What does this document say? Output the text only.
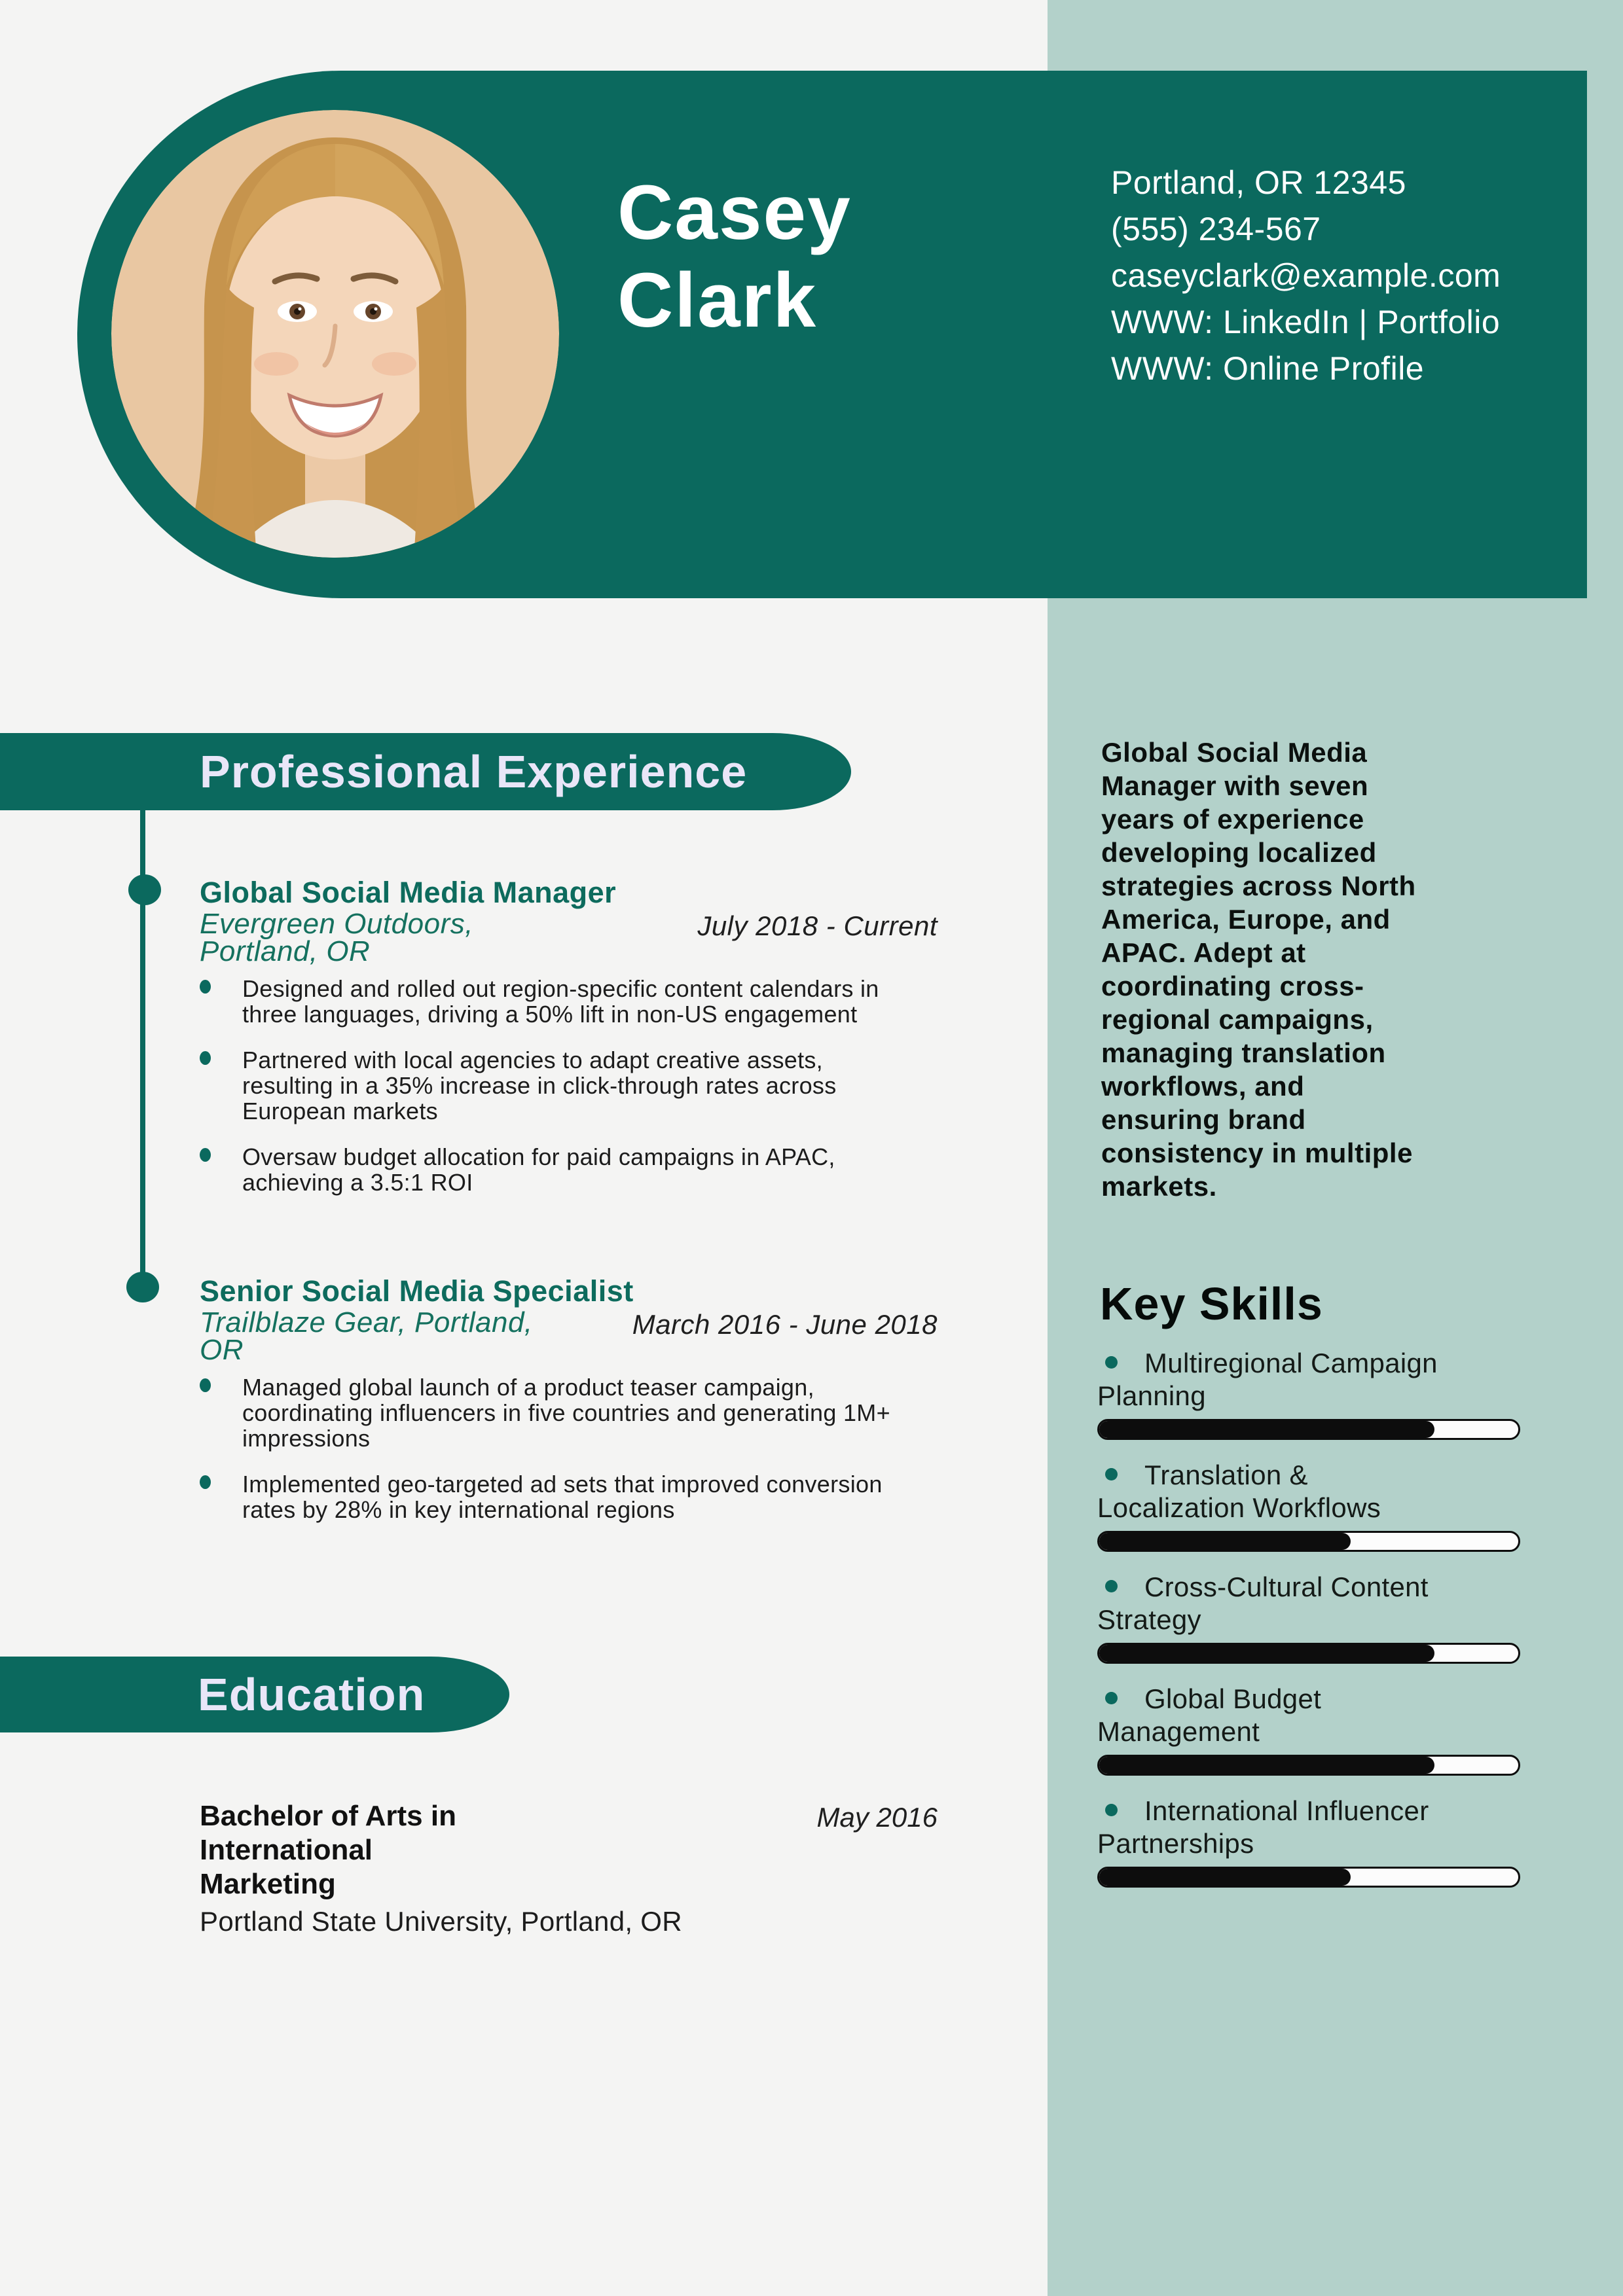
Casey
Clark
Portland, OR 12345
(555) 234-567
caseyclark@example.com
WWW: LinkedIn | Portfolio
WWW: Online Profile
Professional Experience
Global Social Media Manager
Evergreen Outdoors,
Portland, OR
July 2018 - Current
Designed and rolled out region-specific content calendars in
three languages, driving a 50% lift in non-US engagement
Partnered with local agencies to adapt creative assets,
resulting in a 35% increase in click-through rates across
European markets
Oversaw budget allocation for paid campaigns in APAC,
achieving a 3.5:1 ROI
Senior Social Media Specialist
Trailblaze Gear, Portland,
OR
March 2016 - June 2018
Managed global launch of a product teaser campaign,
coordinating influencers in five countries and generating 1M+
impressions
Implemented geo-targeted ad sets that improved conversion
rates by 28% in key international regions
Education
Bachelor of Arts in
International
Marketing
May 2016
Portland State University, Portland, OR
Global Social Media
Manager with seven
years of experience
developing localized
strategies across North
America, Europe, and
APAC. Adept at
coordinating cross-
regional campaigns,
managing translation
workflows, and
ensuring brand
consistency in multiple
markets.
Key Skills
Multiregional Campaign
Planning
Translation &
Localization Workflows
Cross-Cultural Content
Strategy
Global Budget
Management
International Influencer
Partnerships
